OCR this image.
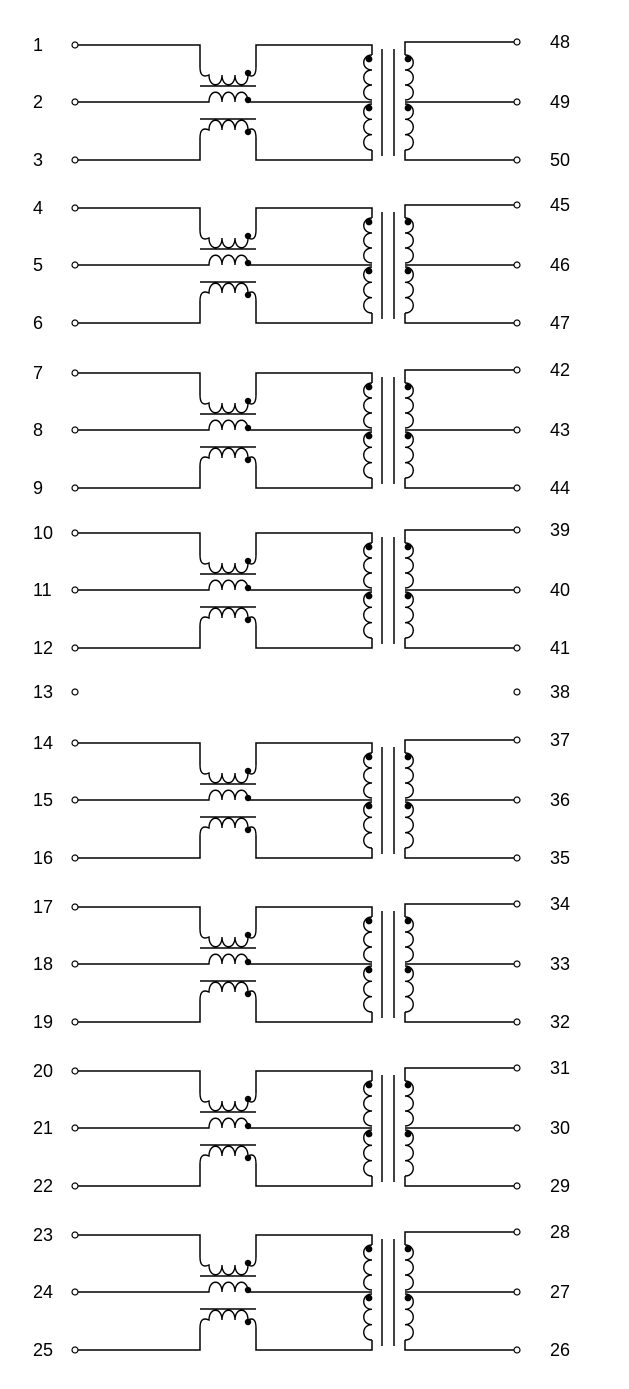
1
2
3
48
49
50
4
5
6
45
46
47
7
8
9
42
43
44
10
11
12
39
40
41
14
15
16
37
36
35
17
18
19
34
33
32
20
21
22
31
30
29
23
24
25
28
27
26
13	38
